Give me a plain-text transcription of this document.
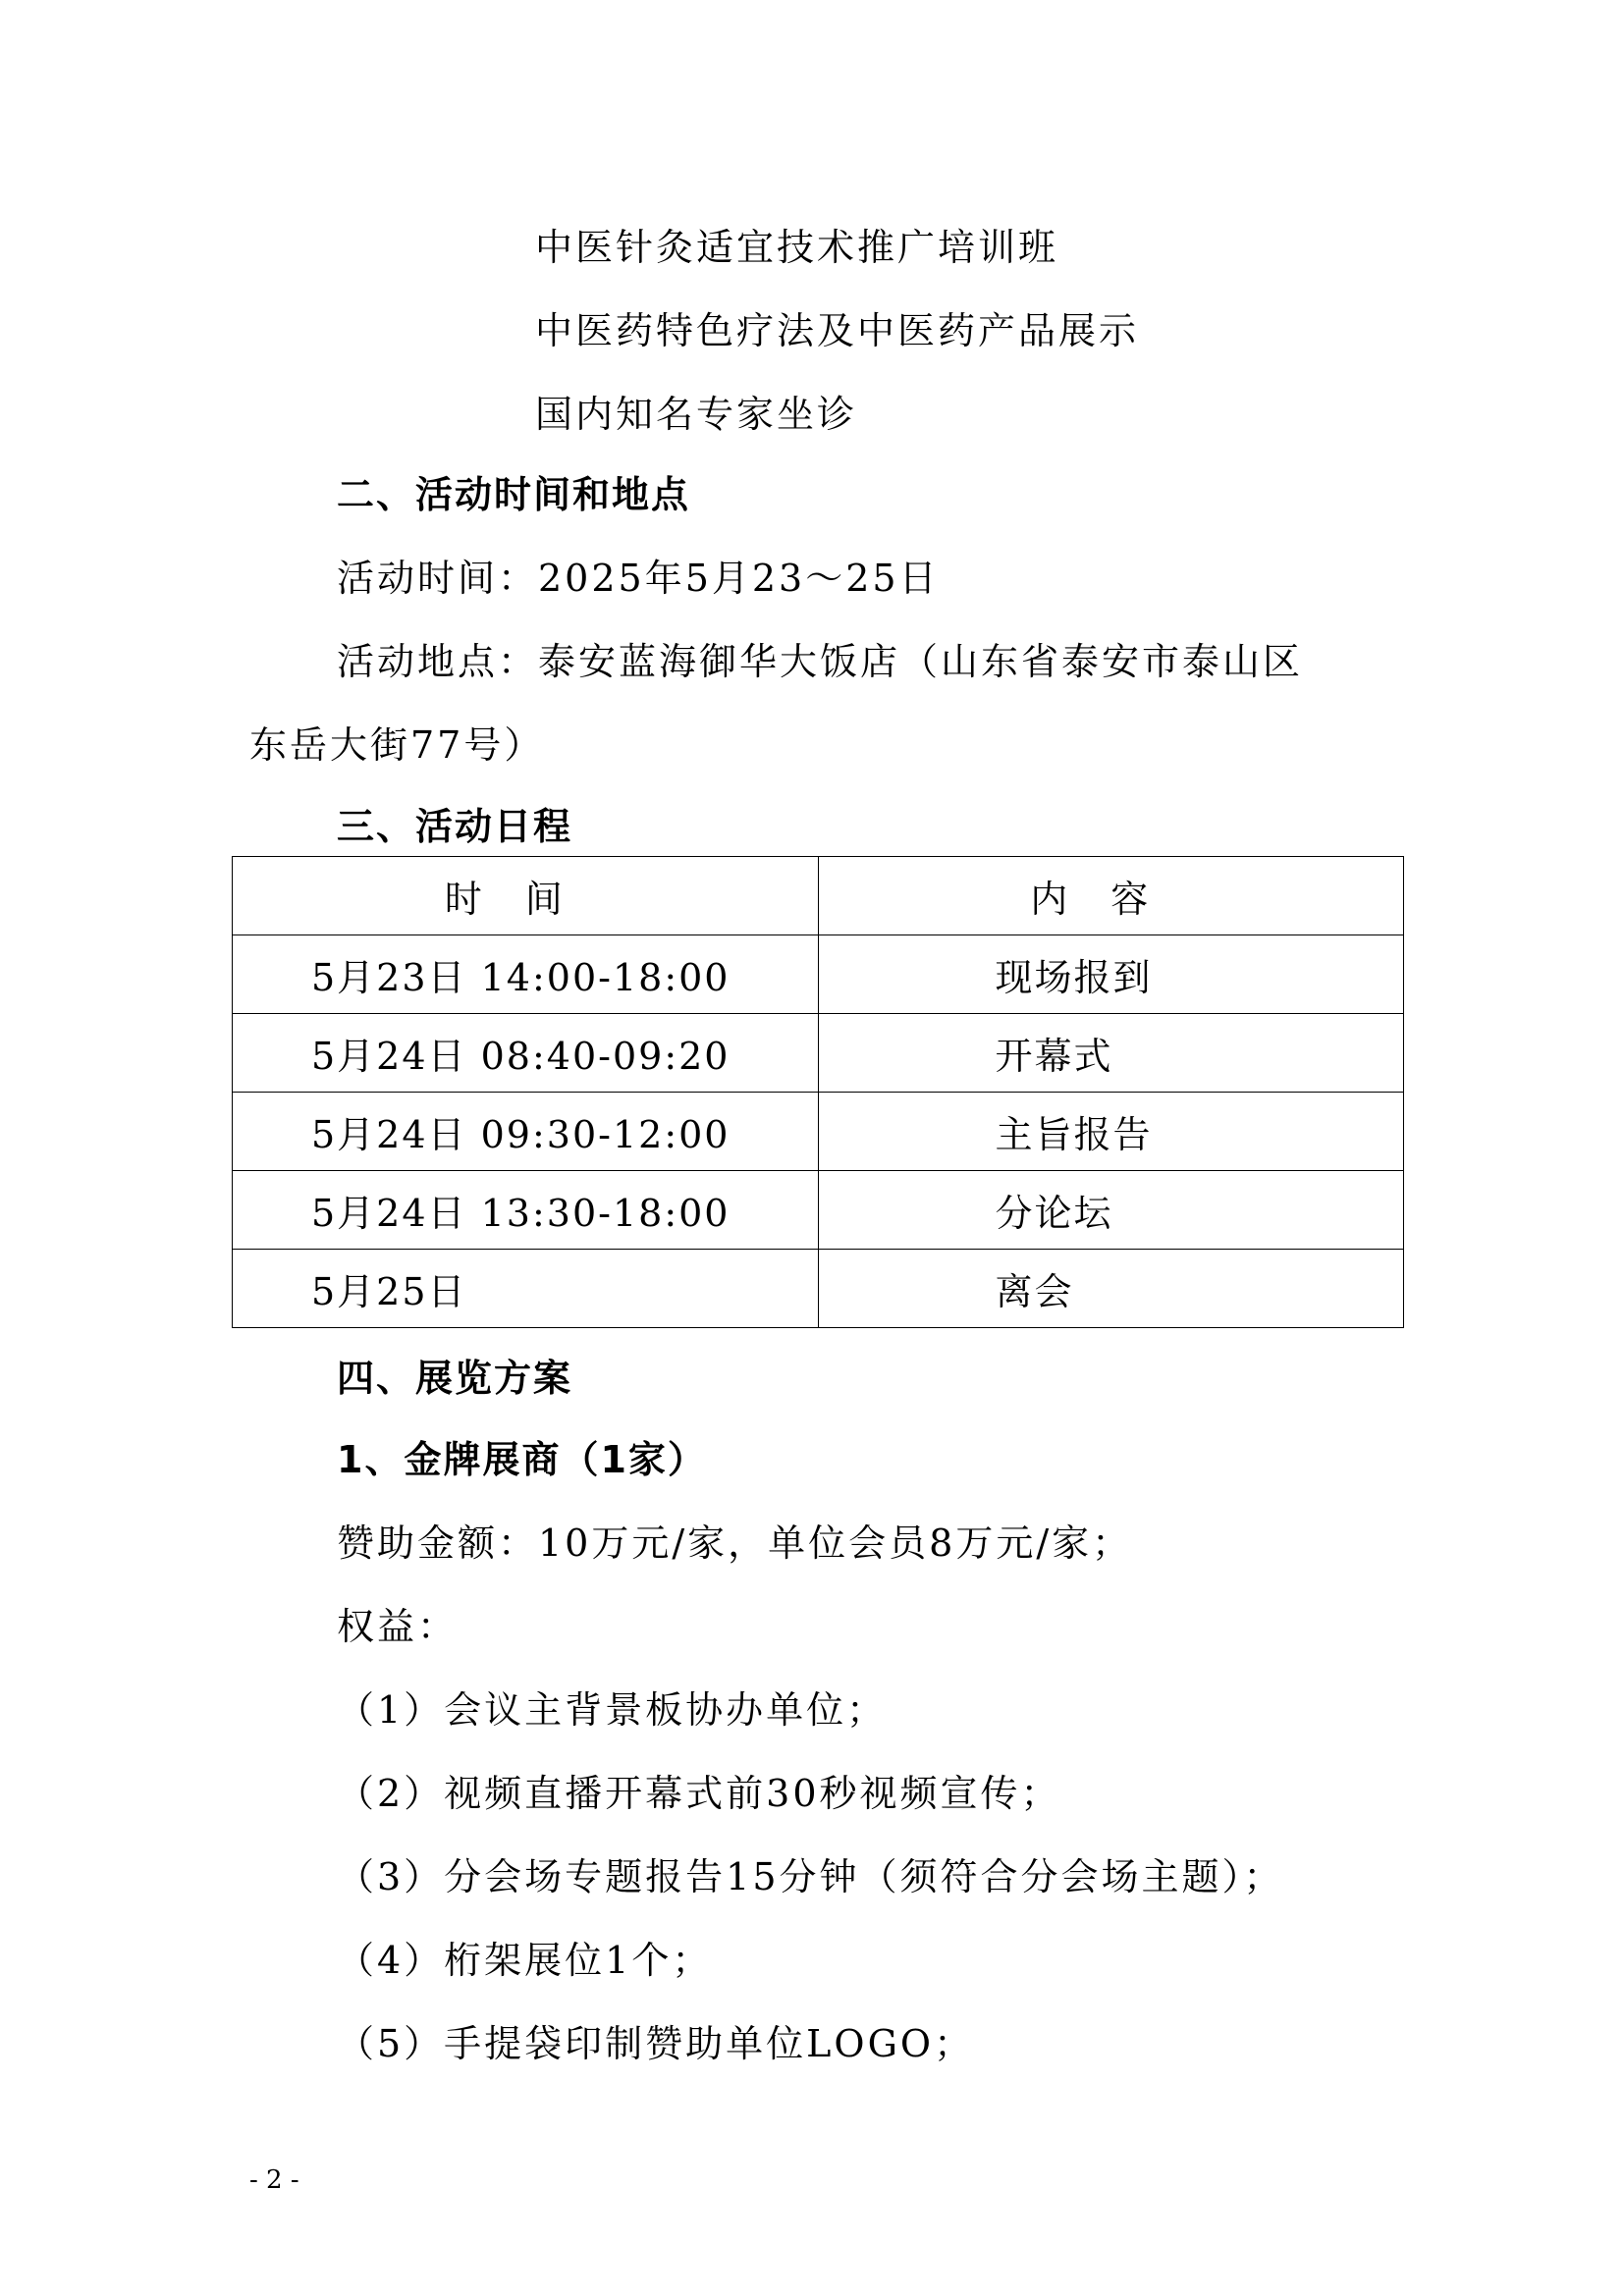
中医针灸适宜技术推广培训班
中医药特色疗法及中医药产品展示
国内知名专家坐诊
二、活动时间和地点
活动时间：2025年5月23～25日
活动地点：泰安蓝海御华大饭店（山东省泰安市泰山区
东岳大街77号）
三、活动日程
时间	内容
5月23日 14:00-18:00	现场报到
5月24日 08:40-09:20	开幕式
5月24日 09:30-12:00	主旨报告
5月24日 13:30-18:00	分论坛
5月25日	离会
四、展览方案
1、金牌展商（1家）
赞助金额：10万元/家，单位会员8万元/家；
权益：
（1）会议主背景板协办单位；
（2）视频直播开幕式前30秒视频宣传；
（3）分会场专题报告15分钟（须符合分会场主题）；
（4）桁架展位1个；
（5）手提袋印制赞助单位LOGO；
- 2 -
